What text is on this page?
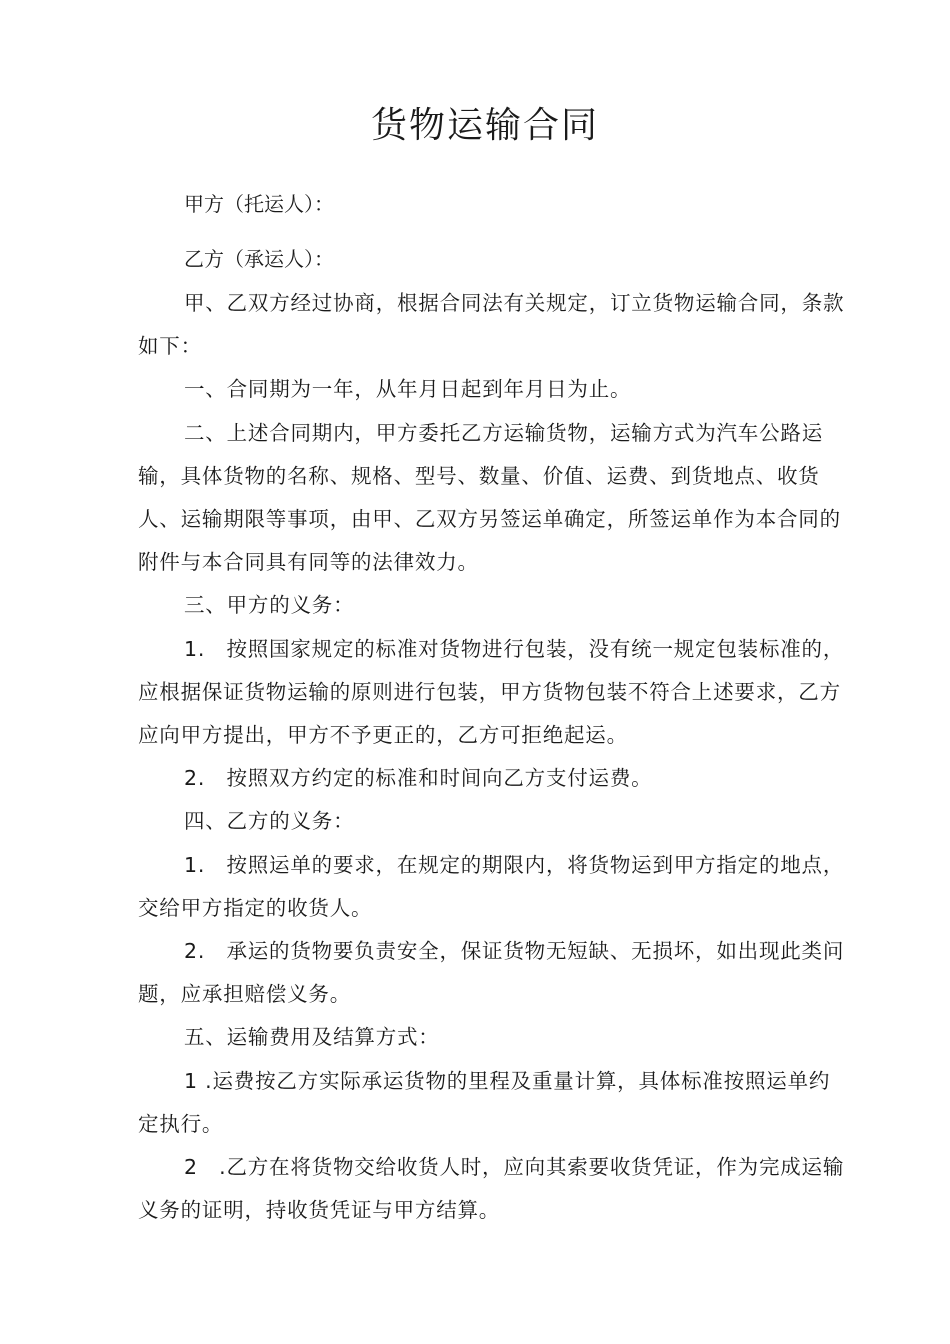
货物运输合同
甲方（托运人）：
乙方（承运人）：

甲、乙双方经过协商，根据合同法有关规定，订立货物运输合同，条款如下：

一、合同期为一年，从年月日起到年月日为止。

二、上述合同期内，甲方委托乙方运输货物，运输方式为汽车公路运输，具体货物的名称、规格、型号、数量、价值、运费、到货地点、收货人、运输期限等事项，由甲、乙双方另签运单确定，所签运单作为本合同的附件与本合同具有同等的法律效力。

三、甲方的义务：

1.　按照国家规定的标准对货物进行包装，没有统一规定包装标准的，应根据保证货物运输的原则进行包装，甲方货物包装不符合上述要求，乙方应向甲方提出，甲方不予更正的，乙方可拒绝起运。

2.　按照双方约定的标准和时间向乙方支付运费。

四、乙方的义务：

1.　按照运单的要求，在规定的期限内，将货物运到甲方指定的地点，交给甲方指定的收货人。

2.　承运的货物要负责安全，保证货物无短缺、无损坏，如出现此类问题，应承担赔偿义务。

五、运输费用及结算方式：

1 .运费按乙方实际承运货物的里程及重量计算，具体标准按照运单约定执行。

2　.乙方在将货物交给收货人时，应向其索要收货凭证，作为完成运输义务的证明，持收货凭证与甲方结算。
